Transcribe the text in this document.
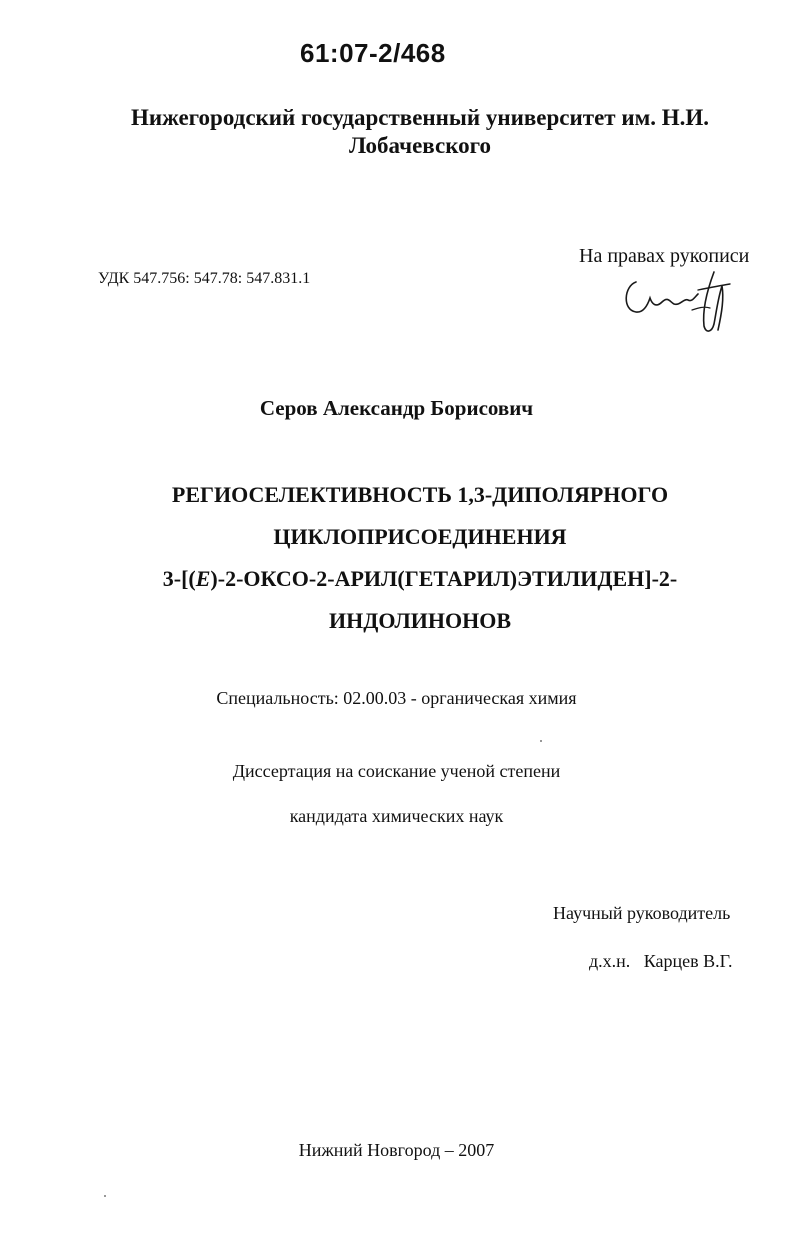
61:07-2/468
Нижегородский государственный университет им. Н.И. Лобачевского
УДК 547.756: 547.78: 547.831.1
На правах рукописи
Серов Александр Борисович
РЕГИОСЕЛЕКТИВНОСТЬ 1,3-ДИПОЛЯРНОГО
ЦИКЛОПРИСОЕДИНЕНИЯ
3-[(E)-2-ОКСО-2-АРИЛ(ГЕТАРИЛ)ЭТИЛИДЕН]-2-
ИНДОЛИНОНОВ
Специальность: 02.00.03 - органическая химия
Диссертация на соискание ученой степени
кандидата химических наук
Научный руководитель
д.х.н.   Карцев В.Г.
Нижний Новгород – 2007
